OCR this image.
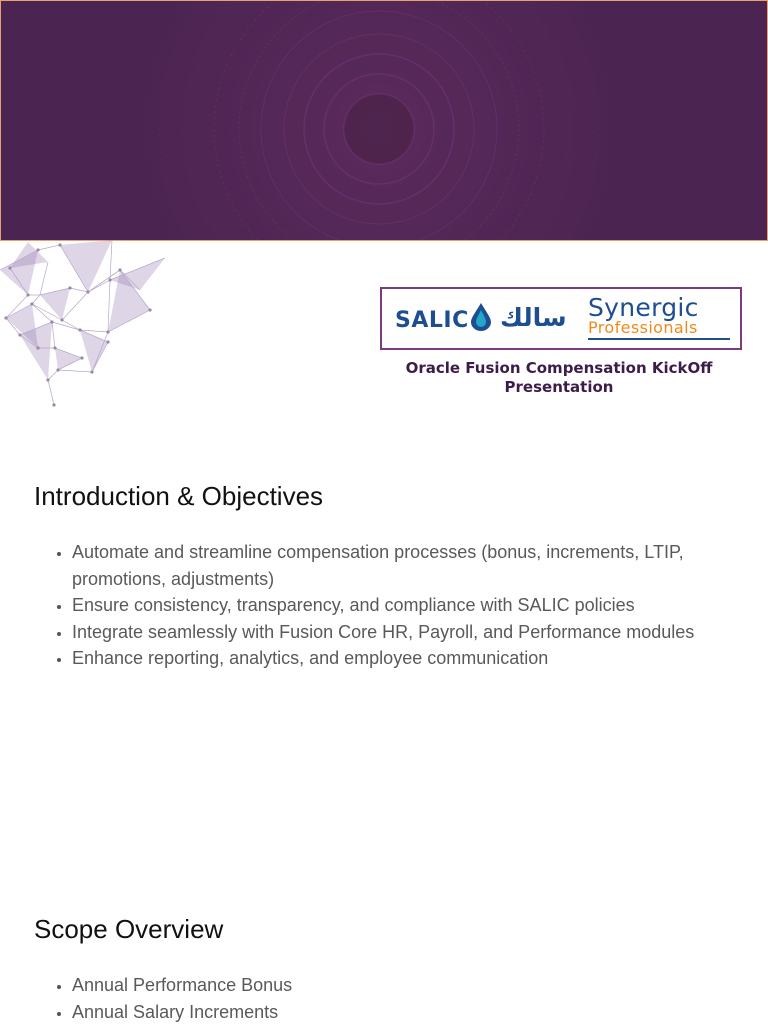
SALIC سالك Synergic
Professionals
Oracle Fusion Compensation KickOff Presentation
Introduction & Objectives
• Automate and streamline compensation processes (bonus, increments, LTIP, promotions, adjustments)
• Ensure consistency, transparency, and compliance with SALIC policies
• Integrate seamlessly with Fusion Core HR, Payroll, and Performance modules
• Enhance reporting, analytics, and employee communication
Scope Overview
• Annual Performance Bonus
• Annual Salary Increments
